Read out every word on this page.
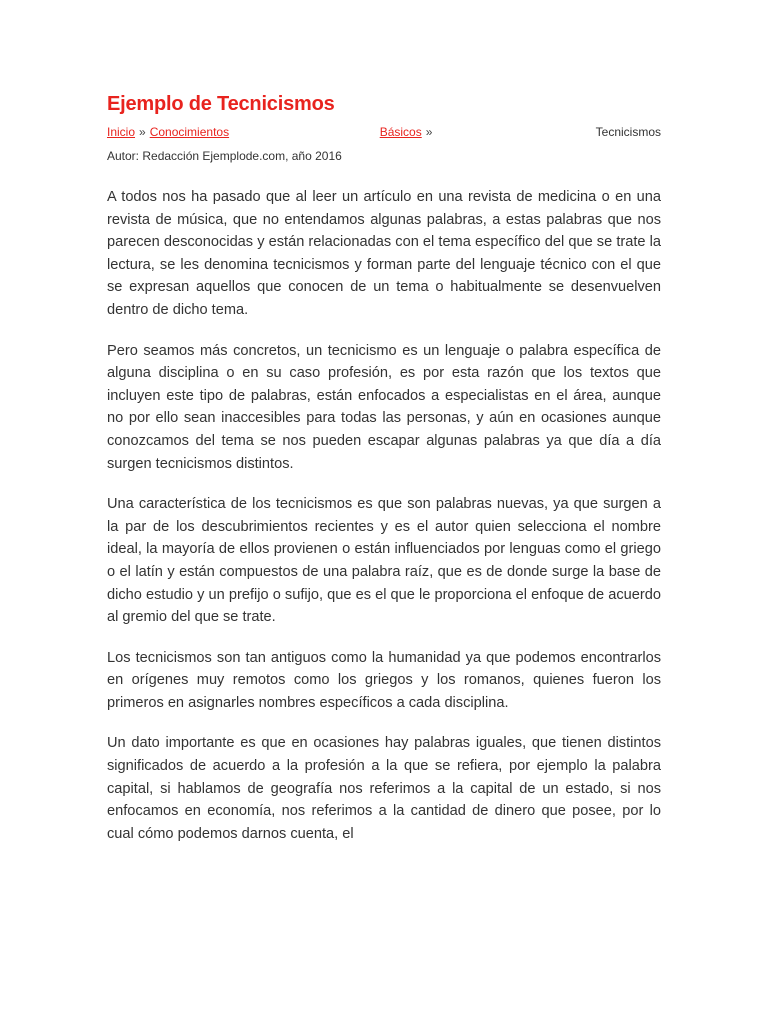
Ejemplo de Tecnicismos
Inicio » Conocimientos	Básicos »	Tecnicismos
Autor: Redacción Ejemplode.com, año 2016

A todos nos ha pasado que al leer un artículo en una revista de medicina o en una revista de música, que no entendamos algunas palabras, a estas palabras que nos parecen desconocidas y están relacionadas con el tema específico del que se trate la lectura, se les denomina tecnicismos y forman parte del lenguaje técnico con el que se expresan aquellos que conocen de un tema o habitualmente se desenvuelven dentro de dicho tema.

Pero seamos más concretos, un tecnicismo es un lenguaje o palabra específica de alguna disciplina o en su caso profesión, es por esta razón que los textos que incluyen este tipo de palabras, están enfocados a especialistas en el área, aunque no por ello sean inaccesibles para todas las personas, y aún en ocasiones aunque conozcamos del tema se nos pueden escapar algunas palabras ya que día a día surgen tecnicismos distintos.

Una característica de los tecnicismos es que son palabras nuevas, ya que surgen a la par de los descubrimientos recientes y es el autor quien selecciona el nombre ideal, la mayoría de ellos provienen o están influenciados por lenguas como el griego o el latín y están compuestos de una palabra raíz, que es de donde surge la base de dicho estudio y un prefijo o sufijo, que es el que le proporciona el enfoque de acuerdo al gremio del que se trate.

Los tecnicismos son tan antiguos como la humanidad ya que podemos encontrarlos en orígenes muy remotos como los griegos y los romanos, quienes fueron los primeros en asignarles nombres específicos a cada disciplina.

Un dato importante es que en ocasiones hay palabras iguales, que tienen distintos significados de acuerdo a la profesión a la que se refiera, por ejemplo la palabra capital, si hablamos de geografía nos referimos a la capital de un estado, si nos enfocamos en economía, nos referimos a la cantidad de dinero que posee, por lo cual cómo podemos darnos cuenta, el
